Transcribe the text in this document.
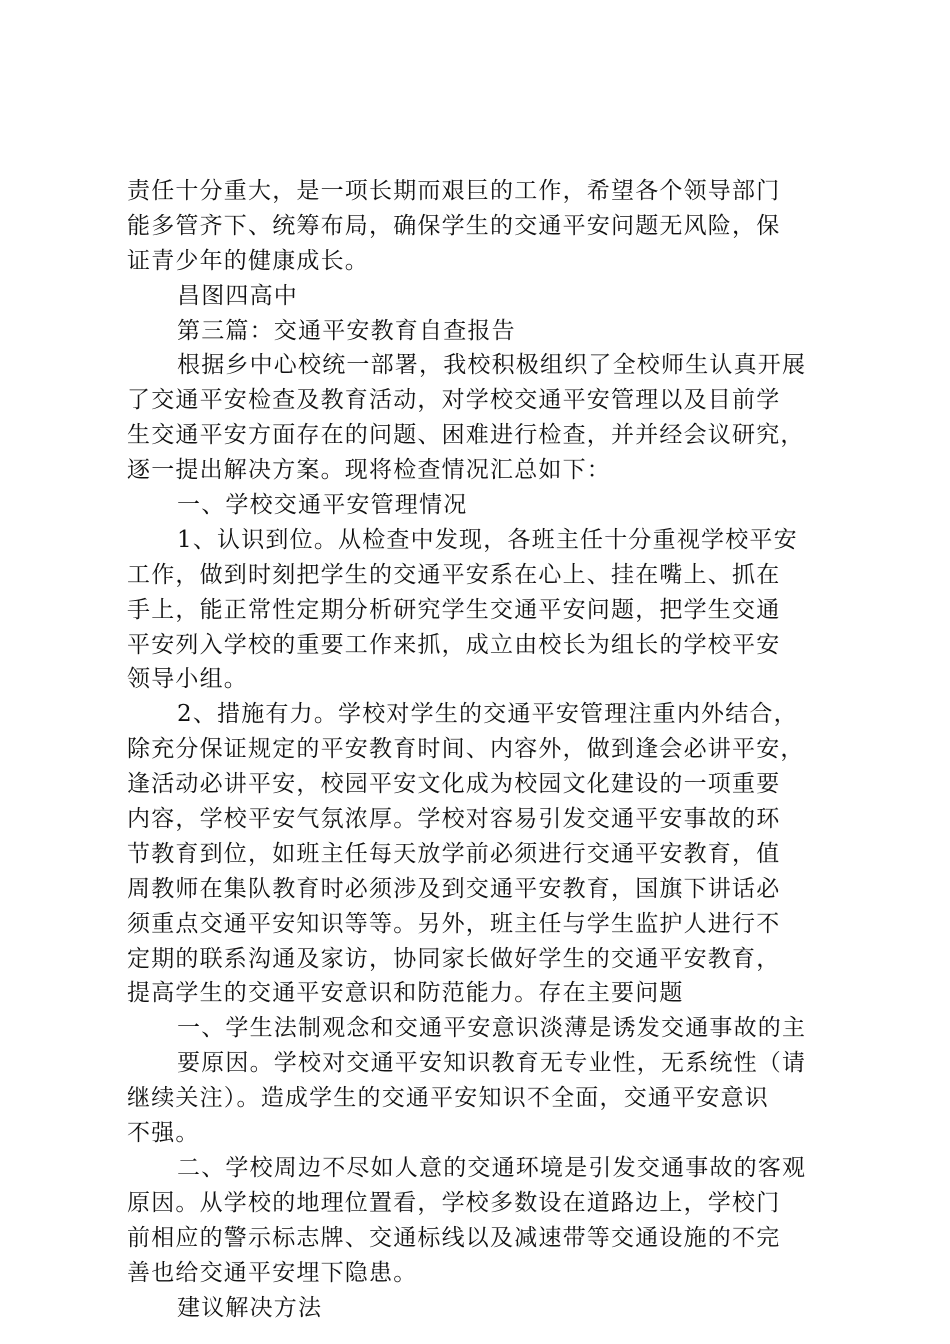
责任十分重大，是一项长期而艰巨的工作，希望各个领导部门
能多管齐下、统筹布局，确保学生的交通平安问题无风险，保
证青少年的健康成长。
昌图四高中
第三篇：交通平安教育自查报告
根据乡中心校统一部署，我校积极组织了全校师生认真开展
了交通平安检查及教育活动，对学校交通平安管理以及目前学
生交通平安方面存在的问题、困难进行检查，并并经会议研究，
逐一提出解决方案。现将检查情况汇总如下：
一、学校交通平安管理情况
1、认识到位。从检查中发现，各班主任十分重视学校平安
工作，做到时刻把学生的交通平安系在心上、挂在嘴上、抓在
手上，能正常性定期分析研究学生交通平安问题，把学生交通
平安列入学校的重要工作来抓，成立由校长为组长的学校平安
领导小组。
2、措施有力。学校对学生的交通平安管理注重内外结合，
除充分保证规定的平安教育时间、内容外，做到逢会必讲平安，
逢活动必讲平安，校园平安文化成为校园文化建设的一项重要
内容，学校平安气氛浓厚。学校对容易引发交通平安事故的环
节教育到位，如班主任每天放学前必须进行交通平安教育，值
周教师在集队教育时必须涉及到交通平安教育，国旗下讲话必
须重点交通平安知识等等。另外，班主任与学生监护人进行不
定期的联系沟通及家访，协同家长做好学生的交通平安教育，
提高学生的交通平安意识和防范能力。存在主要问题
一、学生法制观念和交通平安意识淡薄是诱发交通事故的主
要原因。学校对交通平安知识教育无专业性，无系统性（请
继续关注）。造成学生的交通平安知识不全面，交通平安意识
不强。
二、学校周边不尽如人意的交通环境是引发交通事故的客观
原因。从学校的地理位置看，学校多数设在道路边上，学校门
前相应的警示标志牌、交通标线以及减速带等交通设施的不完
善也给交通平安埋下隐患。
建议解决方法
